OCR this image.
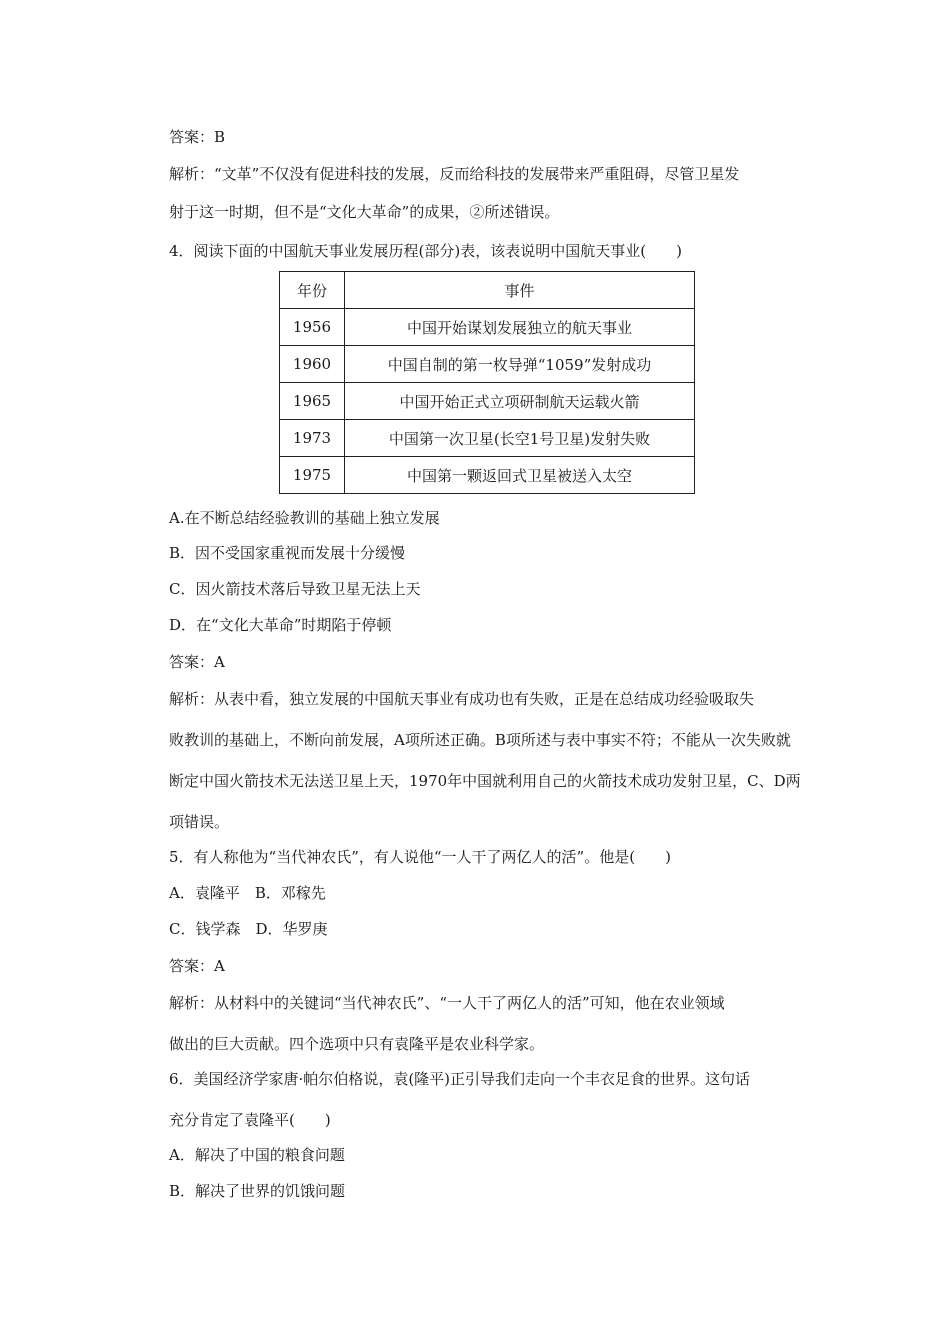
答案：B
解析：“文革”不仅没有促进科技的发展，反而给科技的发展带来严重阻碍，尽管卫星发
射于这一时期，但不是“文化大革命”的成果，②所述错误。
4．阅读下面的中国航天事业发展历程(部分)表，该表说明中国航天事业(　　)
年份	事件
1956	中国开始谋划发展独立的航天事业
1960	中国自制的第一枚导弹“1059”发射成功
1965	中国开始正式立项研制航天运载火箭
1973	中国第一次卫星(长空1号卫星)发射失败
1975	中国第一颗返回式卫星被送入太空
A.在不断总结经验教训的基础上独立发展
B．因不受国家重视而发展十分缓慢
C．因火箭技术落后导致卫星无法上天
D．在“文化大革命”时期陷于停顿
答案：A
解析：从表中看，独立发展的中国航天事业有成功也有失败，正是在总结成功经验吸取失
败教训的基础上，不断向前发展，A项所述正确。B项所述与表中事实不符；不能从一次失败就
断定中国火箭技术无法送卫星上天，1970年中国就利用自己的火箭技术成功发射卫星，C、D两
项错误。
5．有人称他为“当代神农氏”，有人说他“一人干了两亿人的活”。他是(　　)
A．袁隆平　B．邓稼先
C．钱学森　D．华罗庚
答案：A
解析：从材料中的关键词“当代神农氏”、“一人干了两亿人的活”可知，他在农业领域
做出的巨大贡献。四个选项中只有袁隆平是农业科学家。
6．美国经济学家唐·帕尔伯格说，袁(隆平)正引导我们走向一个丰衣足食的世界。这句话
充分肯定了袁隆平(　　)
A．解决了中国的粮食问题
B．解决了世界的饥饿问题
